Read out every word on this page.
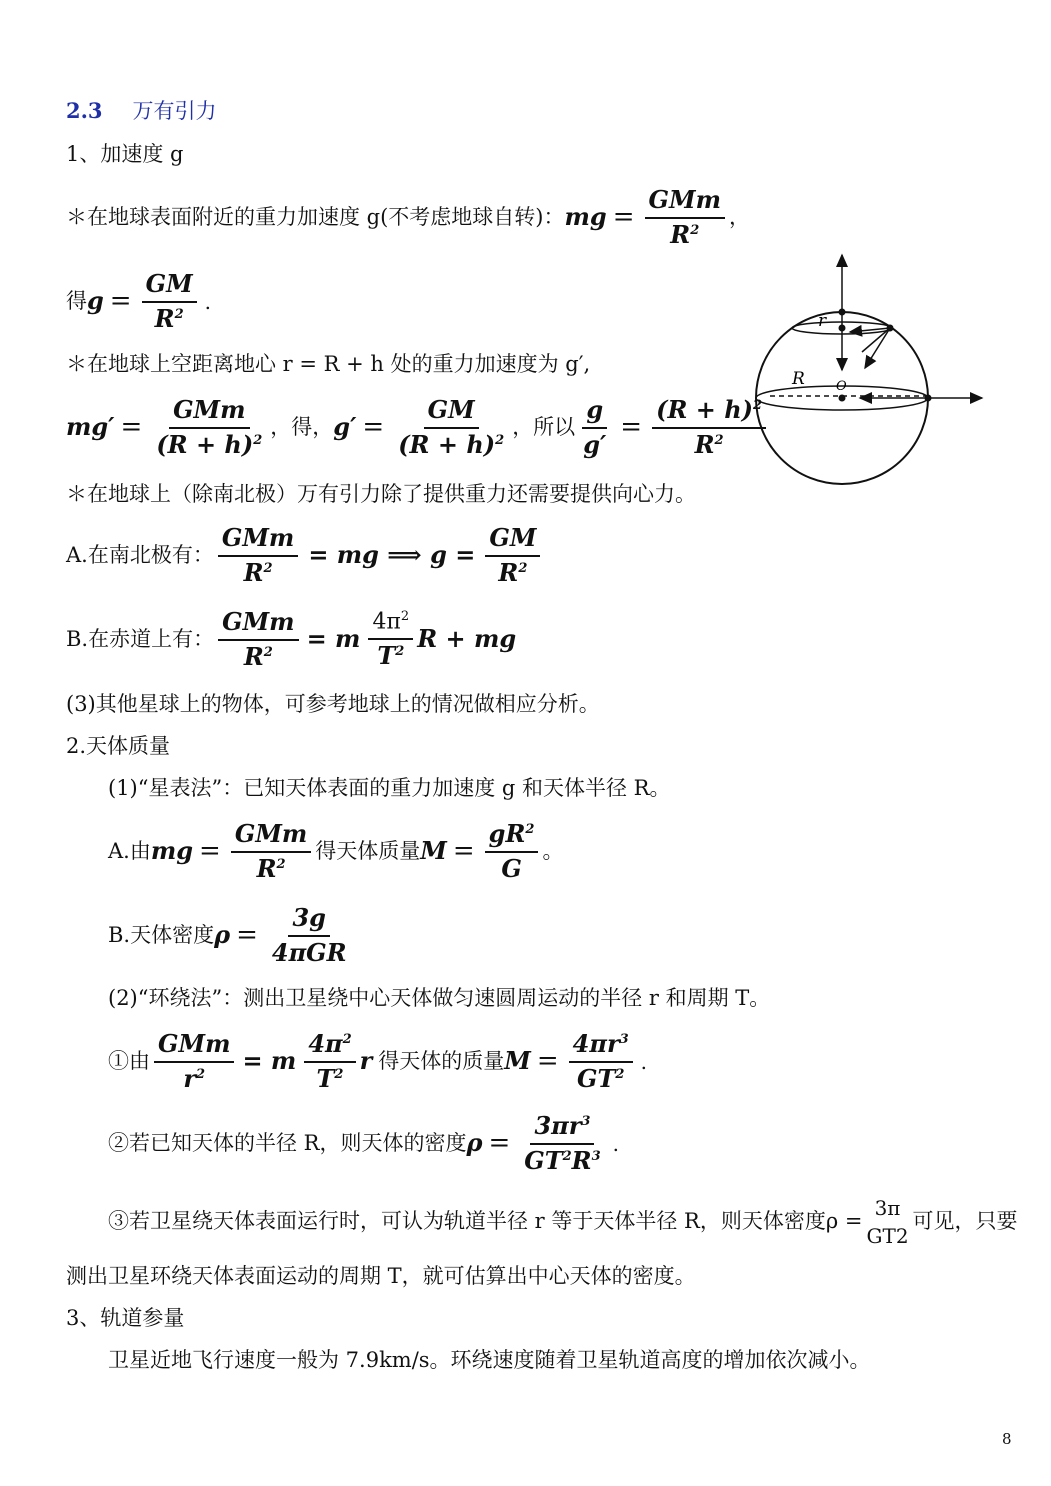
2.3 万有引力
1、加速度 g
＊在地球表面附近的重力加速度 g(不考虑地球自转)： mg = $\frac{\text{GMm}}{R^2}$ ，
得 $g = \frac{GM}{R^2}$ .
＊在地球上空距离地心 r = R + h 处的重力加速度为 g′,
$mg' = \frac{\text{GMm}}{(R + h)^2}$ ，得， $g' = \frac{GM}{(R + h)^2}$ ，所以 $\frac{g}{g'} = \frac{(R + h)^2}{R^2}$
＊在地球上（除南北极）万有引力除了提供重力还需要提供向心力。
A.在南北极有： $\frac{\text{GMm}}{R^2}$ = mg ⟹ $g = \frac{GM}{R^2}$
B.在赤道上有： $\frac{\text{GMm}}{R^2} = m \frac{4\pi^2}{T^2}$ R + mg
(3)其他星球上的物体，可参考地球上的情况做相应分析。
2.天体质量
(1)“星表法”：已知天体表面的重力加速度 g 和天体半径 R。
A.由 mg = $\frac{\text{GMm}}{R^2}$ 得天体质量 $M = \frac{gR^2}{G}$ 。
B.天体密度 $\rho = \frac{3g}{\text{4πGR}}$
(2)“环绕法”：测出卫星绕中心天体做匀速圆周运动的半径 r 和周期 T。
①由 $\frac{\text{GMm}}{r^2} = m \frac{4\pi^2}{T^2}$ r 得天体的质量 $M = \frac{4\pi r^3}{GT^2}$ .
②若已知天体的半径 R，则天体的密度 $\rho = \frac{3\pi r^3}{GT^2R^3}$ .
③若卫星绕天体表面运行时，可认为轨道半径 r 等于天体半径 R，则天体密度ρ =
3π
GT2
可见，只要
测出卫星环绕天体表面运动的周期 T，就可估算出中心天体的密度。
3、轨道参量
卫星近地飞行速度一般为 7.9km/s。环绕速度随着卫星轨道高度的增加依次减小。
r
R O
8
